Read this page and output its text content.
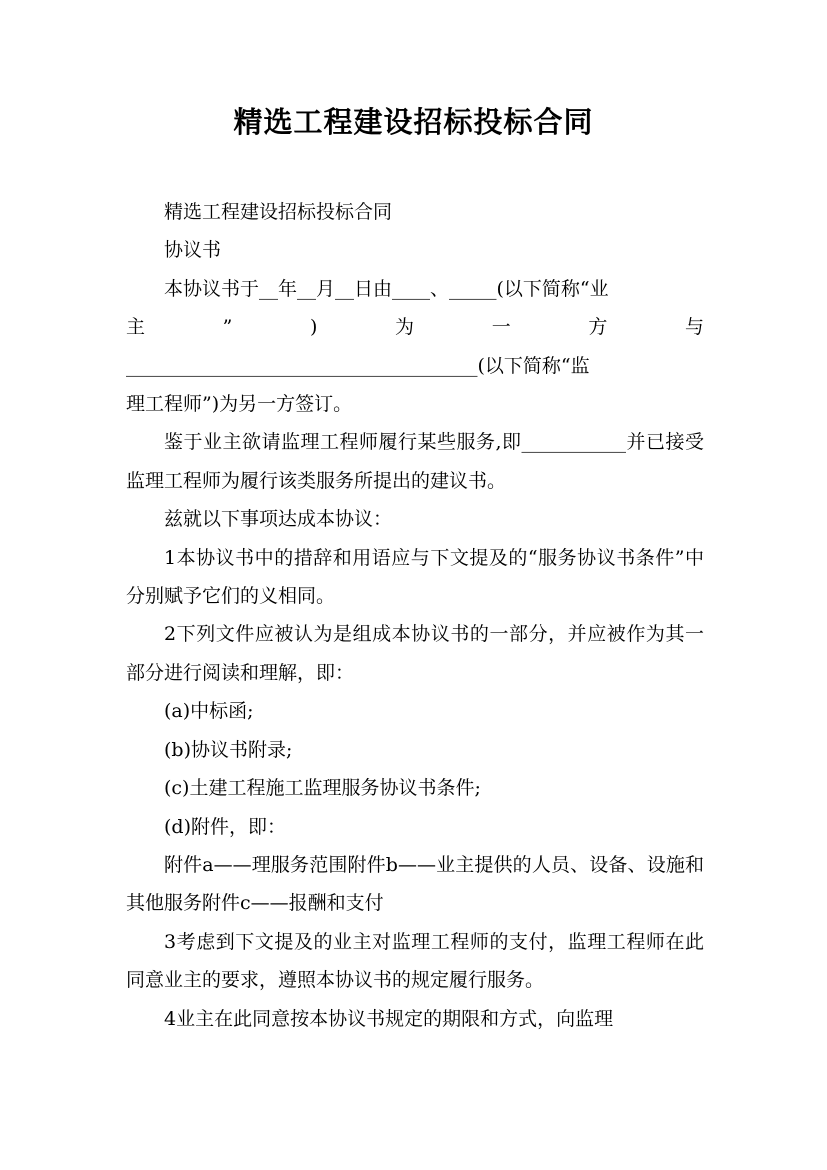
精选工程建设招标投标合同

精选工程建设招标投标合同

协议书

本协议书于__年__月__日由____、_____(以下简称“业
主　　”　　)　　为　　一　　方　　与
_____________________________________(以下简称“监
理工程师”)为另一方签订。

鉴于业主欲请监理工程师履行某些服务,即___________并已接受监理工程师为履行该类服务所提出的建议书。

兹就以下事项达成本协议：

1本协议书中的措辞和用语应与下文提及的“服务协议书条件”中分别赋予它们的义相同。

2下列文件应被认为是组成本协议书的一部分，并应被作为其一部分进行阅读和理解，即：

(a)中标函;

(b)协议书附录;

(c)土建工程施工监理服务协议书条件;

(d)附件，即：

附件a——理服务范围附件b——业主提供的人员、设备、设施和其他服务附件c——报酬和支付

3考虑到下文提及的业主对监理工程师的支付，监理工程师在此同意业主的要求，遵照本协议书的规定履行服务。

4业主在此同意按本协议书规定的期限和方式，向监理
